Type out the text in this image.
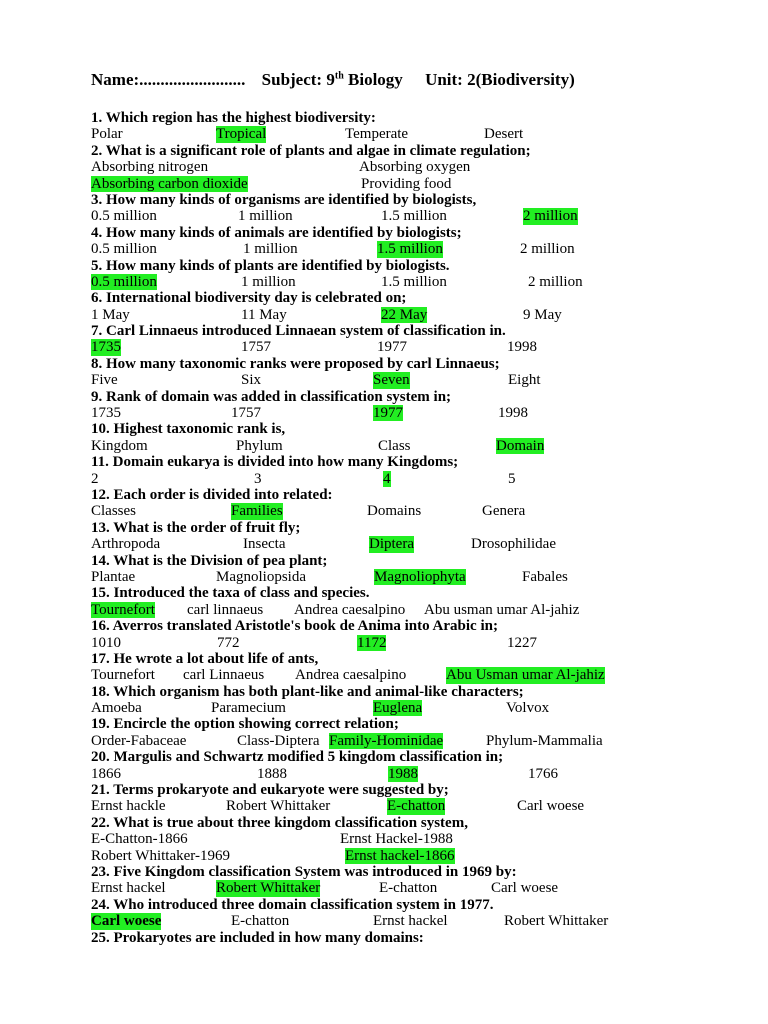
Name:......................... Subject: 9th Biology Unit: 2(Biodiversity)
1. Which region has the highest biodiversity:
Polar	Tropical	Temperate	Desert
2. What is a significant role of plants and algae in climate regulation;
Absorbing nitrogen	Absorbing oxygen
Absorbing carbon dioxide	Providing food
3. How many kinds of organisms are identified by biologists,
0.5 million	1 million	1.5 million	2 million
4. How many kinds of animals are identified by biologists;
0.5 million	1 million	1.5 million	2 million
5. How many kinds of plants are identified by biologists.
0.5 million	1 million	1.5 million	2 million
6. International biodiversity day is celebrated on;
1 May	11 May	22 May	9 May
7. Carl Linnaeus introduced Linnaean system of classification in.
1735	1757	1977	1998
8. How many taxonomic ranks were proposed by carl Linnaeus;
Five	Six	Seven	Eight
9. Rank of domain was added in classification system in;
1735	1757	1977	1998
10. Highest taxonomic rank is,
Kingdom	Phylum	Class	Domain
11. Domain eukarya is divided into how many Kingdoms;
2	3	4	5
12. Each order is divided into related:
Classes	Families	Domains	Genera
13. What is the order of fruit fly;
Arthropoda	Insecta	Diptera	Drosophilidae
14. What is the Division of pea plant;
Plantae	Magnoliopsida	Magnoliophyta	Fabales
15. Introduced the taxa of class and species.
Tournefort carl linnaeus Andrea caesalpino Abu usman umar Al-jahiz
16. Averros translated Aristotle's book de Anima into Arabic in;
1010	772	1172	1227
17. He wrote a lot about life of ants,
Tournefort carl Linnaeus Andrea caesalpino	Abu Usman umar Al-jahiz
18. Which organism has both plant-like and animal-like characters;
Amoeba	Paramecium	Euglena	Volvox
19. Encircle the option showing correct relation;
Order-Fabaceae	Class-Diptera Family-Hominidae	Phylum-Mammalia
20. Margulis and Schwartz modified 5 kingdom classification in;
1866	1888	1988	1766
21. Terms prokaryote and eukaryote were suggested by;
Ernst hackle	Robert Whittaker	E-chatton	Carl woese
22. What is true about three kingdom classification system,
E-Chatton-1866	Ernst Hackel-1988
Robert Whittaker-1969	Ernst hackel-1866
23. Five Kingdom classification System was introduced in 1969 by:
Ernst hackel	Robert Whittaker	E-chatton	Carl woese
24. Who introduced three domain classification system in 1977.
Carl woese	E-chatton	Ernst hackel	Robert Whittaker
25. Prokaryotes are included in how many domains:
